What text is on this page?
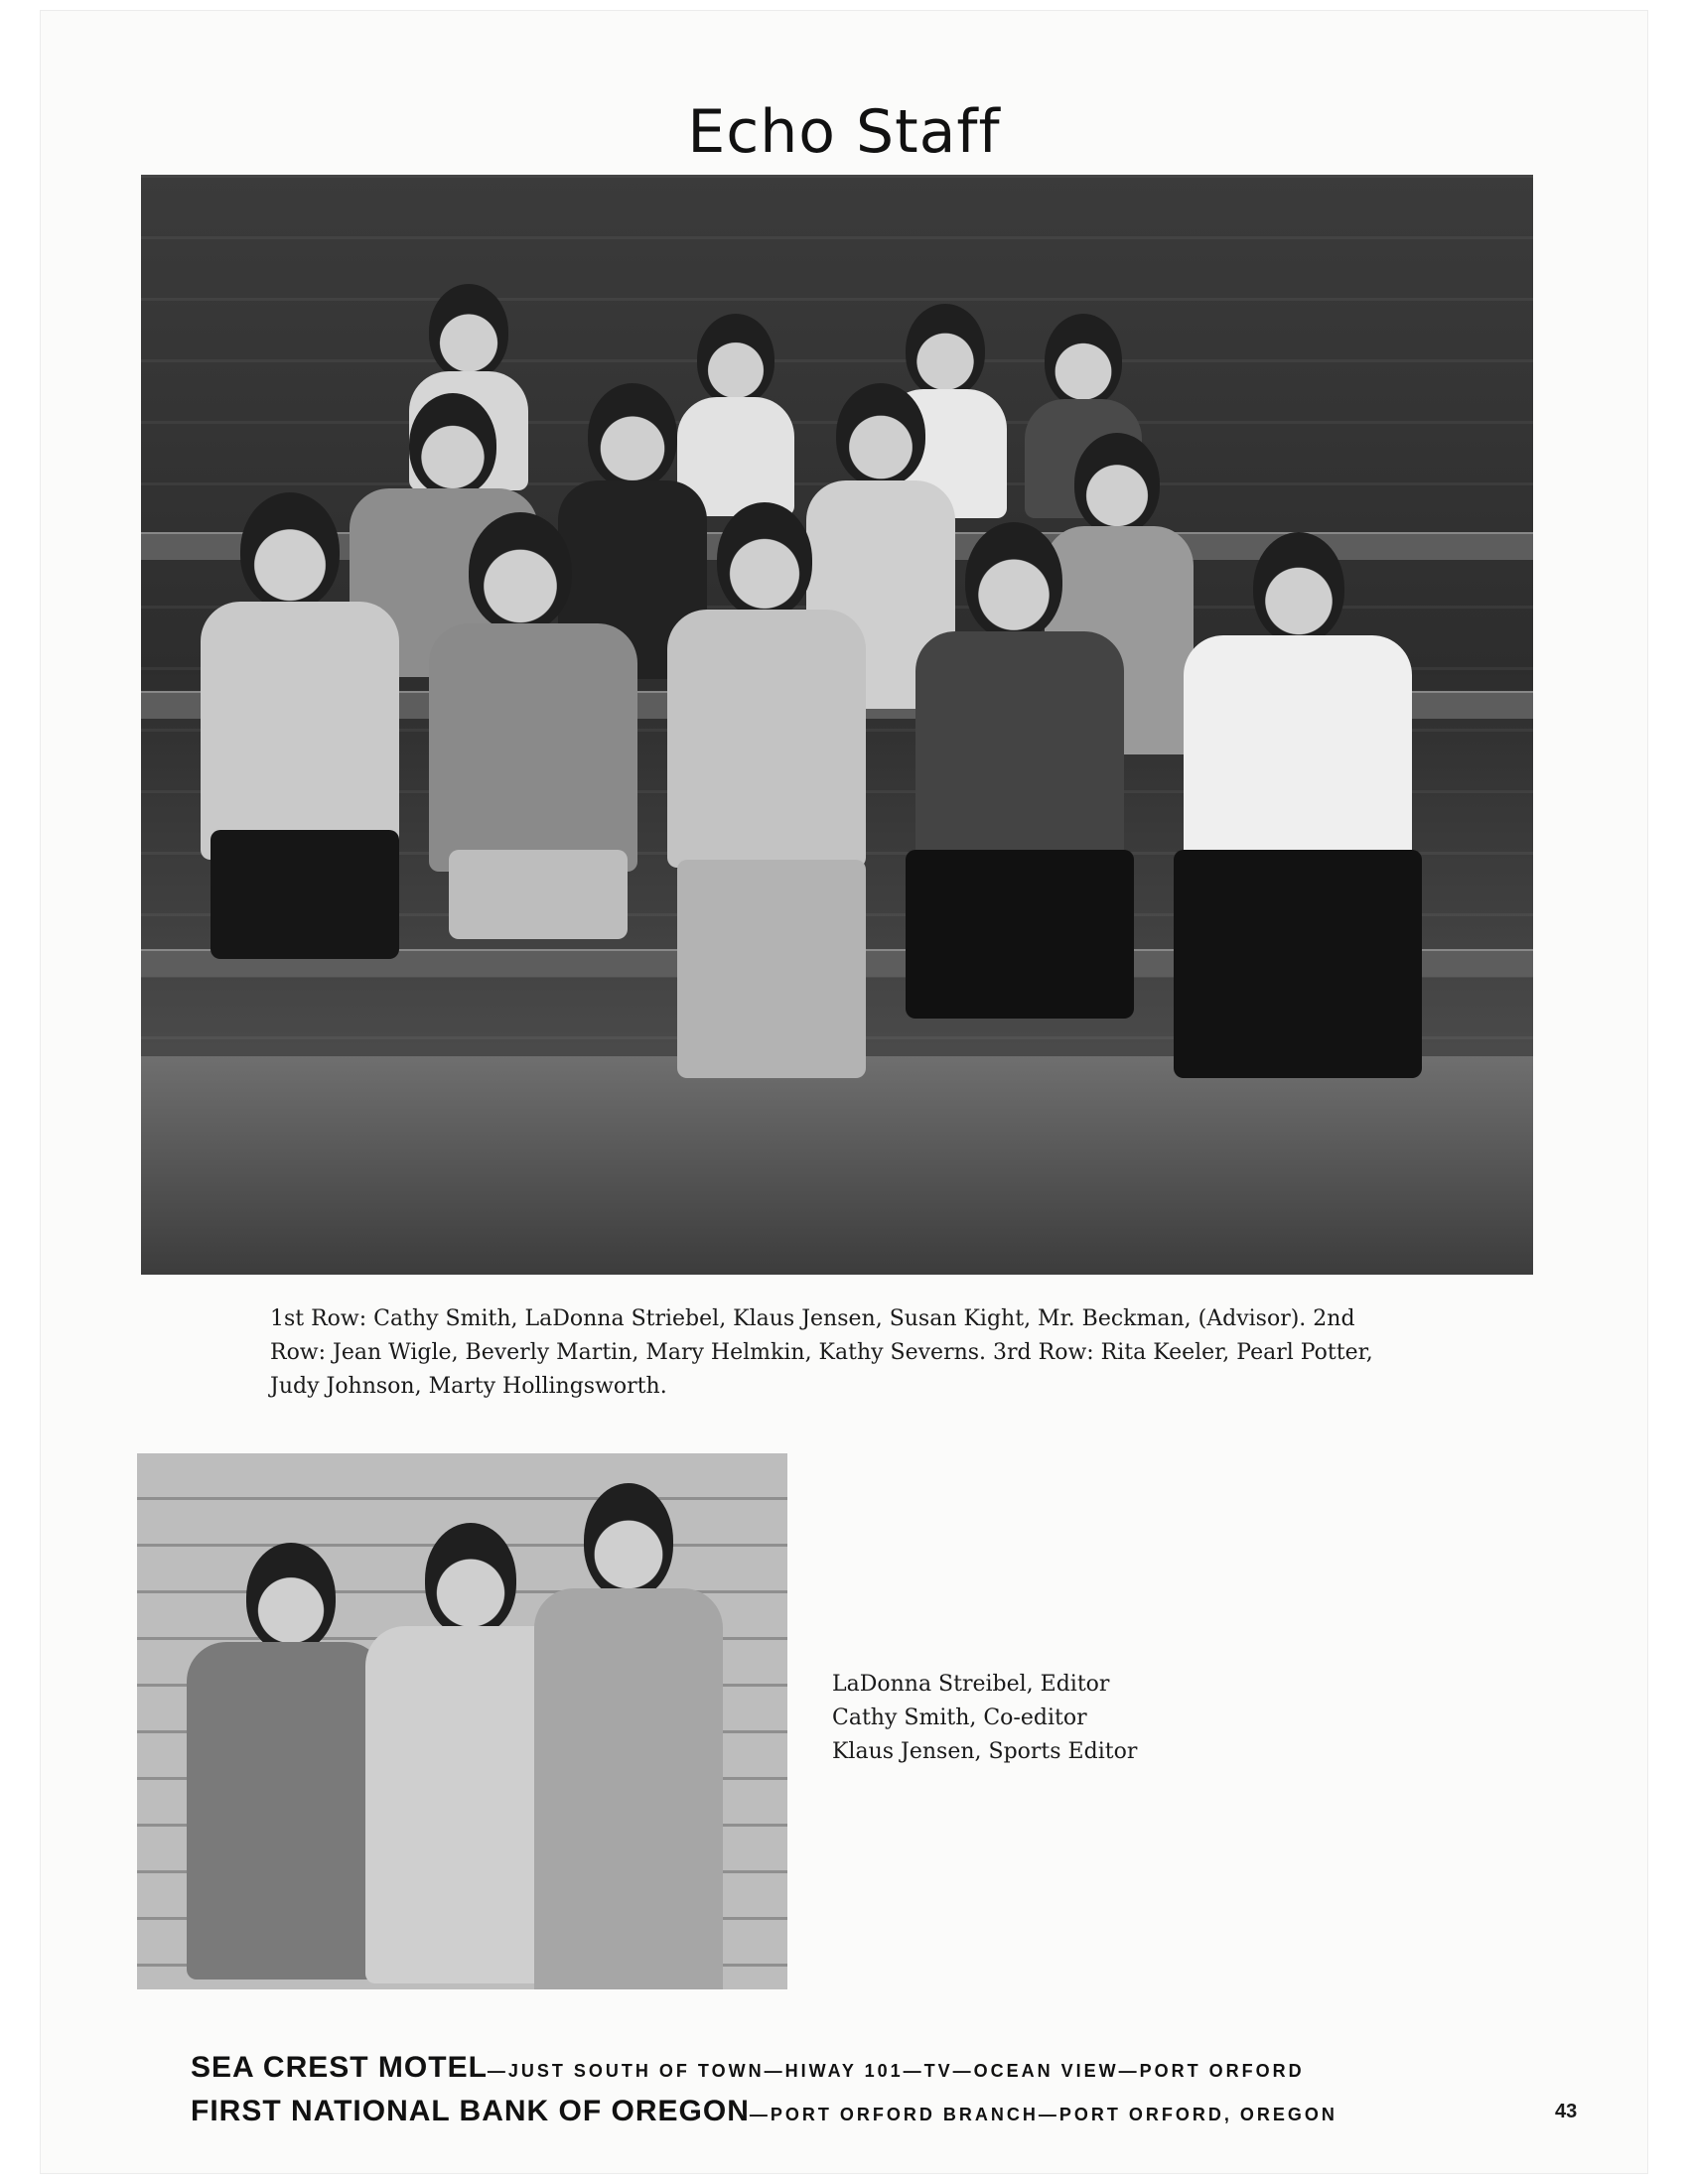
Echo Staff

1st Row: Cathy Smith, LaDonna Striebel, Klaus Jensen, Susan Kight, Mr. Beckman, (Advisor). 2nd Row: Jean Wigle, Beverly Martin, Mary Helmkin, Kathy Severns. 3rd Row: Rita Keeler, Pearl Potter, Judy Johnson, Marty Hollingsworth.

LaDonna Streibel, Editor
Cathy Smith, Co-editor
Klaus Jensen, Sports Editor
SEA CREST MOTEL—JUST SOUTH OF TOWN—HIWAY 101—TV—OCEAN VIEW—PORT ORFORD
FIRST NATIONAL BANK OF OREGON—PORT ORFORD BRANCH—PORT ORFORD, OREGON	43
